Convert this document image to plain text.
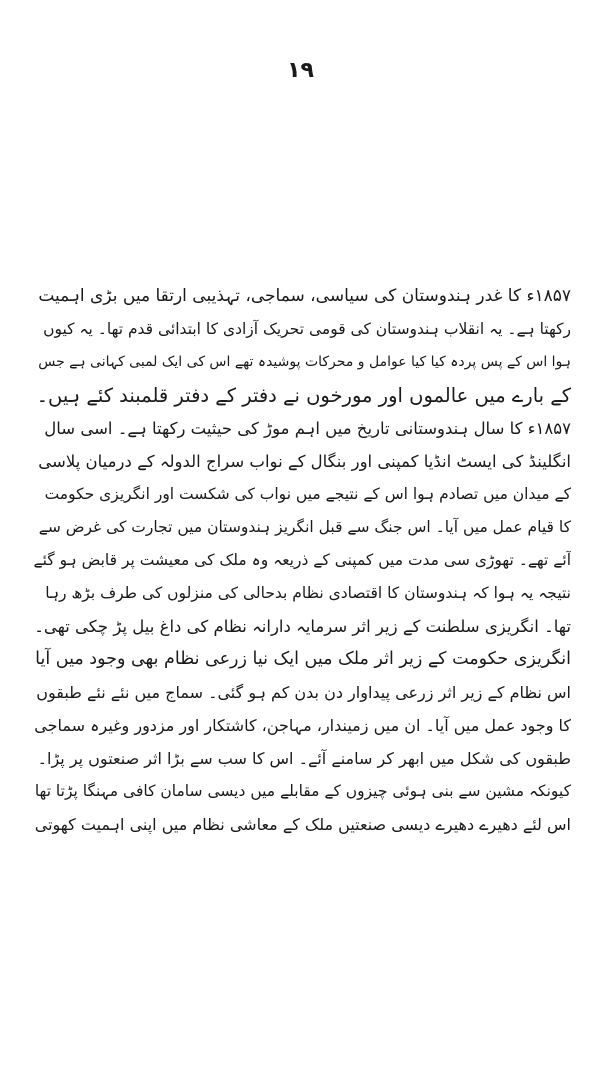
۱۹
۱۸۵۷ء کا غدر ہندوستان کی سیاسی، سماجی، تہذیبی ارتقا میں بڑی اہمیت
رکھتا ہے۔ یہ انقلاب ہندوستان کی قومی تحریک آزادی کا ابتدائی قدم تھا۔ یہ کیوں
ہوا اس کے پس پردہ کیا کیا عوامل و محرکات پوشیدہ تھے اس کی ایک لمبی کہانی ہے جس
کے بارے میں عالموں اور مورخوں نے دفتر کے دفتر قلمبند کئے ہیں۔
۱۸۵۷ء کا سال ہندوستانی تاریخ میں اہم موڑ کی حیثیت رکھتا ہے۔ اسی سال
انگلینڈ کی ایسٹ انڈیا کمپنی اور بنگال کے نواب سراج الدولہ کے درمیان پلاسی
کے میدان میں تصادم ہوا اس کے نتیجے میں نواب کی شکست اور انگریزی حکومت
کا قیام عمل میں آیا۔ اس جنگ سے قبل انگریز ہندوستان میں تجارت کی غرض سے
آئے تھے۔ تھوڑی سی مدت میں کمپنی کے ذریعہ وہ ملک کی معیشت پر قابض ہو گئے
نتیجہ یہ ہوا کہ ہندوستان کا اقتصادی نظام بدحالی کی منزلوں کی طرف بڑھ رہا
تھا۔ انگریزی سلطنت کے زیر اثر سرمایہ دارانہ نظام کی داغ بیل پڑ چکی تھی۔
انگریزی حکومت کے زیر اثر ملک میں ایک نیا زرعی نظام بھی وجود میں آیا
اس نظام کے زیر اثر زرعی پیداوار دن بدن کم ہو گئی۔ سماج میں نئے نئے طبقوں
کا وجود عمل میں آیا۔ ان میں زمیندار، مہاجن، کاشتکار اور مزدور وغیرہ سماجی
طبقوں کی شکل میں ابھر کر سامنے آئے۔ اس کا سب سے بڑا اثر صنعتوں پر پڑا۔
کیونکہ مشین سے بنی ہوئی چیزوں کے مقابلے میں دیسی سامان کافی مہنگا پڑتا تھا
اس لئے دھیرے دھیرے دیسی صنعتیں ملک کے معاشی نظام میں اپنی اہمیت کھوتی
